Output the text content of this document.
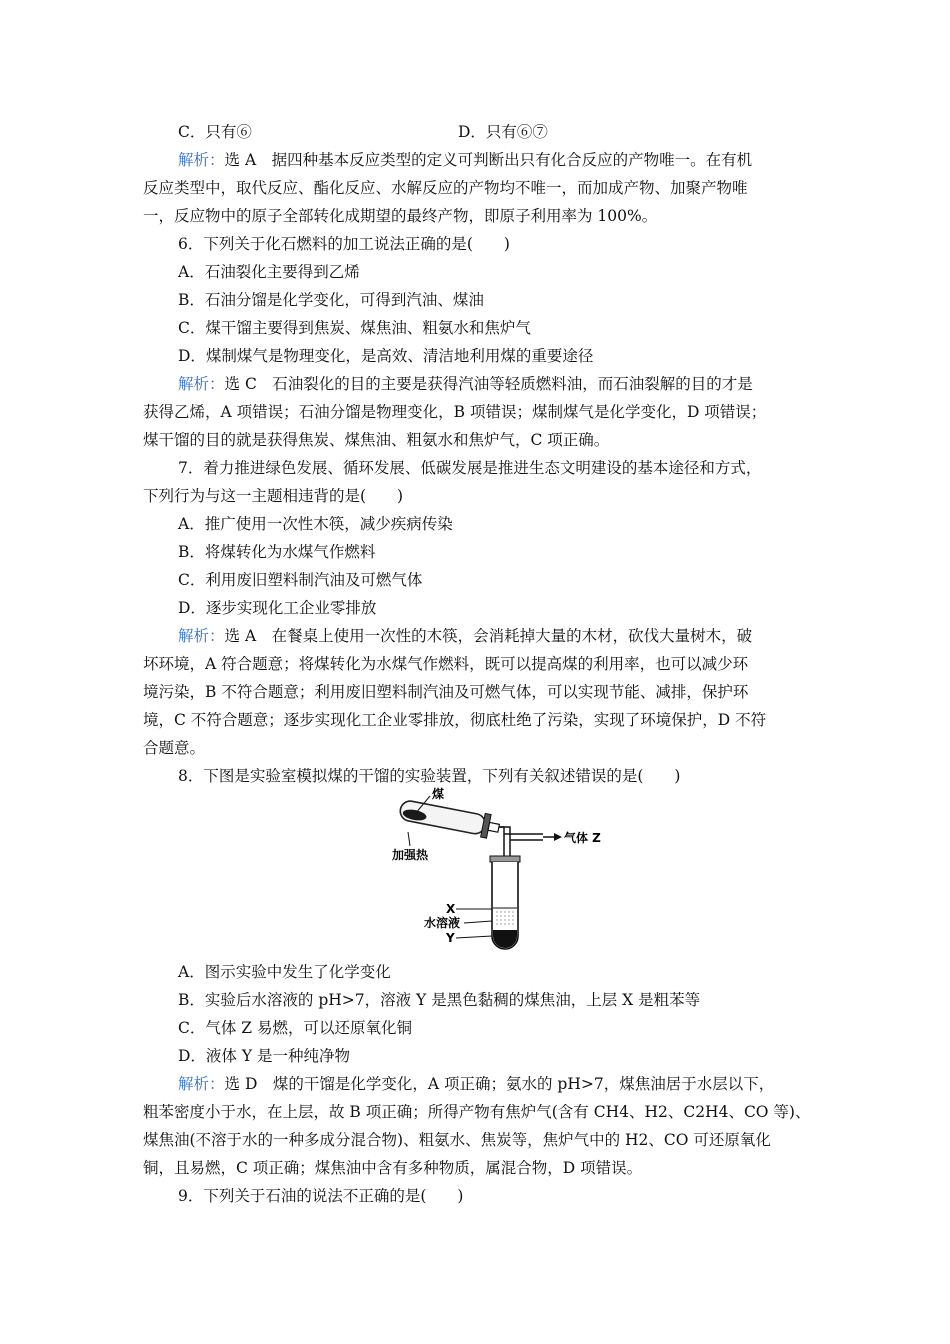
C．只有⑥	D．只有⑥⑦
解析：选 A　据四种基本反应类型的定义可判断出只有化合反应的产物唯一。在有机
反应类型中，取代反应、酯化反应、水解反应的产物均不唯一，而加成产物、加聚产物唯
一，反应物中的原子全部转化成期望的最终产物，即原子利用率为 100%。
6．下列关于化石燃料的加工说法正确的是(　　)
A．石油裂化主要得到乙烯
B．石油分馏是化学变化，可得到汽油、煤油
C．煤干馏主要得到焦炭、煤焦油、粗氨水和焦炉气
D．煤制煤气是物理变化，是高效、清洁地利用煤的重要途径
解析：选 C　石油裂化的目的主要是获得汽油等轻质燃料油，而石油裂解的目的才是
获得乙烯，A 项错误；石油分馏是物理变化，B 项错误；煤制煤气是化学变化，D 项错误；
煤干馏的目的就是获得焦炭、煤焦油、粗氨水和焦炉气，C 项正确。
7．着力推进绿色发展、循环发展、低碳发展是推进生态文明建设的基本途径和方式，
下列行为与这一主题相违背的是(　　)
A．推广使用一次性木筷，减少疾病传染
B．将煤转化为水煤气作燃料
C．利用废旧塑料制汽油及可燃气体
D．逐步实现化工企业零排放
解析：选 A　在餐桌上使用一次性的木筷，会消耗掉大量的木材，砍伐大量树木，破
坏环境，A 符合题意；将煤转化为水煤气作燃料，既可以提高煤的利用率，也可以减少环
境污染，B 不符合题意；利用废旧塑料制汽油及可燃气体，可以实现节能、减排，保护环
境，C 不符合题意；逐步实现化工企业零排放，彻底杜绝了污染，实现了环境保护，D 不符
合题意。
8．下图是实验室模拟煤的干馏的实验装置，下列有关叙述错误的是(　　)
煤
加强热
气体 Z
X
水溶液
Y
A．图示实验中发生了化学变化
B．实验后水溶液的 pH>7，溶液 Y 是黑色黏稠的煤焦油，上层 X 是粗苯等
C．气体 Z 易燃，可以还原氧化铜
D．液体 Y 是一种纯净物
解析：选 D　煤的干馏是化学变化，A 项正确；氨水的 pH>7，煤焦油居于水层以下，
粗苯密度小于水，在上层，故 B 项正确；所得产物有焦炉气(含有 CH4、H2、C2H4、CO 等)、
煤焦油(不溶于水的一种多成分混合物)、粗氨水、焦炭等，焦炉气中的 H2、CO 可还原氧化
铜，且易燃，C 项正确；煤焦油中含有多种物质，属混合物，D 项错误。
9．下列关于石油的说法不正确的是(　　)
